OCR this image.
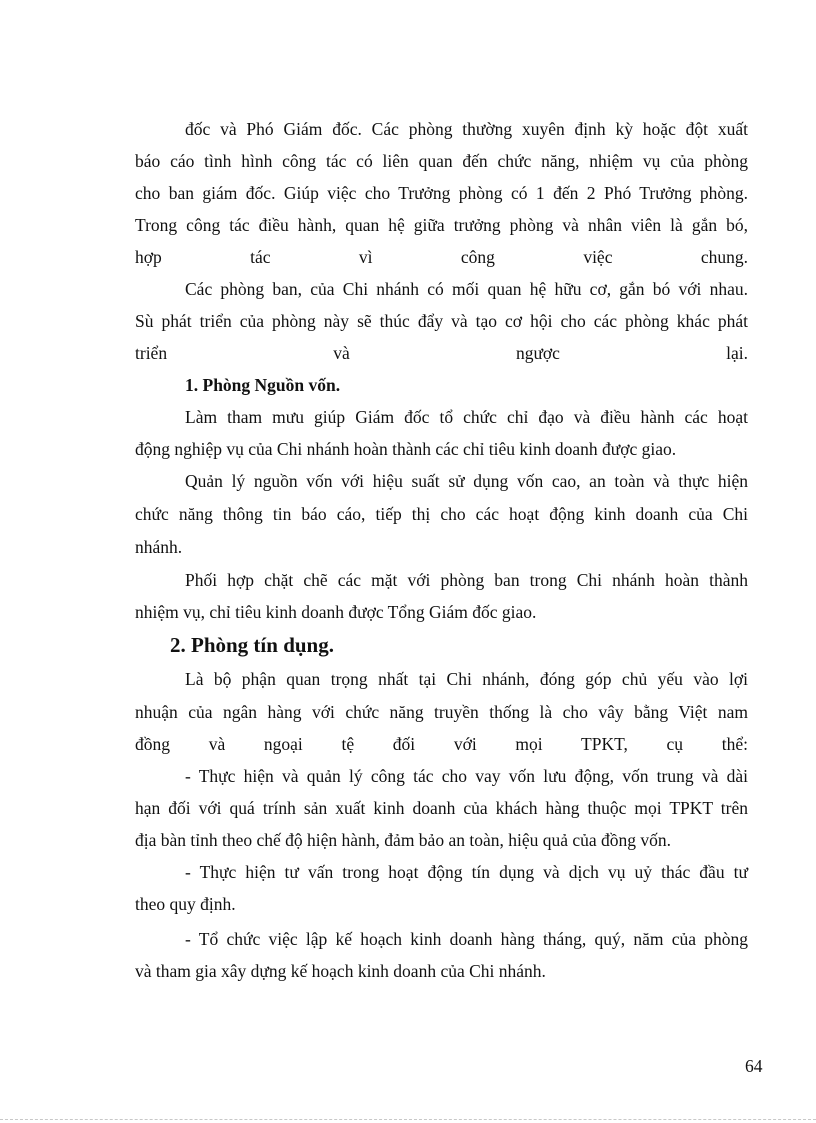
đốc và Phó Giám đốc. Các phòng thường xuyên định kỳ hoặc đột xuất
báo cáo tình hình công tác có liên quan đến chức năng, nhiệm vụ của phòng
cho ban giám đốc. Giúp việc cho Trưởng phòng có 1 đến 2 Phó Trưởng phòng.
Trong công tác điều hành, quan hệ giữa trưởng phòng và nhân viên là gắn bó,
hợp tác vì công việc chung.
Các phòng ban, của Chi nhánh có mối quan hệ hữu cơ, gắn bó với nhau.
Sù phát triển của phòng này sẽ thúc đẩy và tạo cơ hội cho các phòng khác phát
triển và ngược lại.
1. Phòng Nguồn vốn.
Làm tham mưu giúp Giám đốc tổ chức chỉ đạo và điều hành các hoạt
động nghiệp vụ của Chi nhánh hoàn thành các chỉ tiêu kinh doanh được giao.
Quản lý nguồn vốn với hiệu suất sử dụng vốn cao, an toàn và thực hiện
chức năng thông tin báo cáo, tiếp thị cho các hoạt động kinh doanh của Chi
nhánh.
Phối hợp chặt chẽ các mặt với phòng ban trong Chi nhánh hoàn thành
nhiệm vụ, chỉ tiêu kinh doanh được Tổng Giám đốc giao.
2. Phòng tín dụng.
Là bộ phận quan trọng nhất tại Chi nhánh, đóng góp chủ yếu vào lợi
nhuận của ngân hàng với chức năng truyền thống là cho vây bằng Việt nam
đồng và ngoại tệ đối với mọi TPKT, cụ thể:
- Thực hiện và quản lý công tác cho vay vốn lưu động, vốn trung và dài
hạn đối với quá trính sản xuất kinh doanh của khách hàng thuộc mọi TPKT trên
địa bàn tỉnh theo chế độ hiện hành, đảm bảo an toàn, hiệu quả của đồng vốn.
- Thực hiện tư vấn trong hoạt động tín dụng và dịch vụ uỷ thác đầu tư
theo quy định.
- Tổ chức việc lập kế hoạch kinh doanh hàng tháng, quý, năm của phòng
và tham gia xây dựng kế hoạch kinh doanh của Chi nhánh.
64
